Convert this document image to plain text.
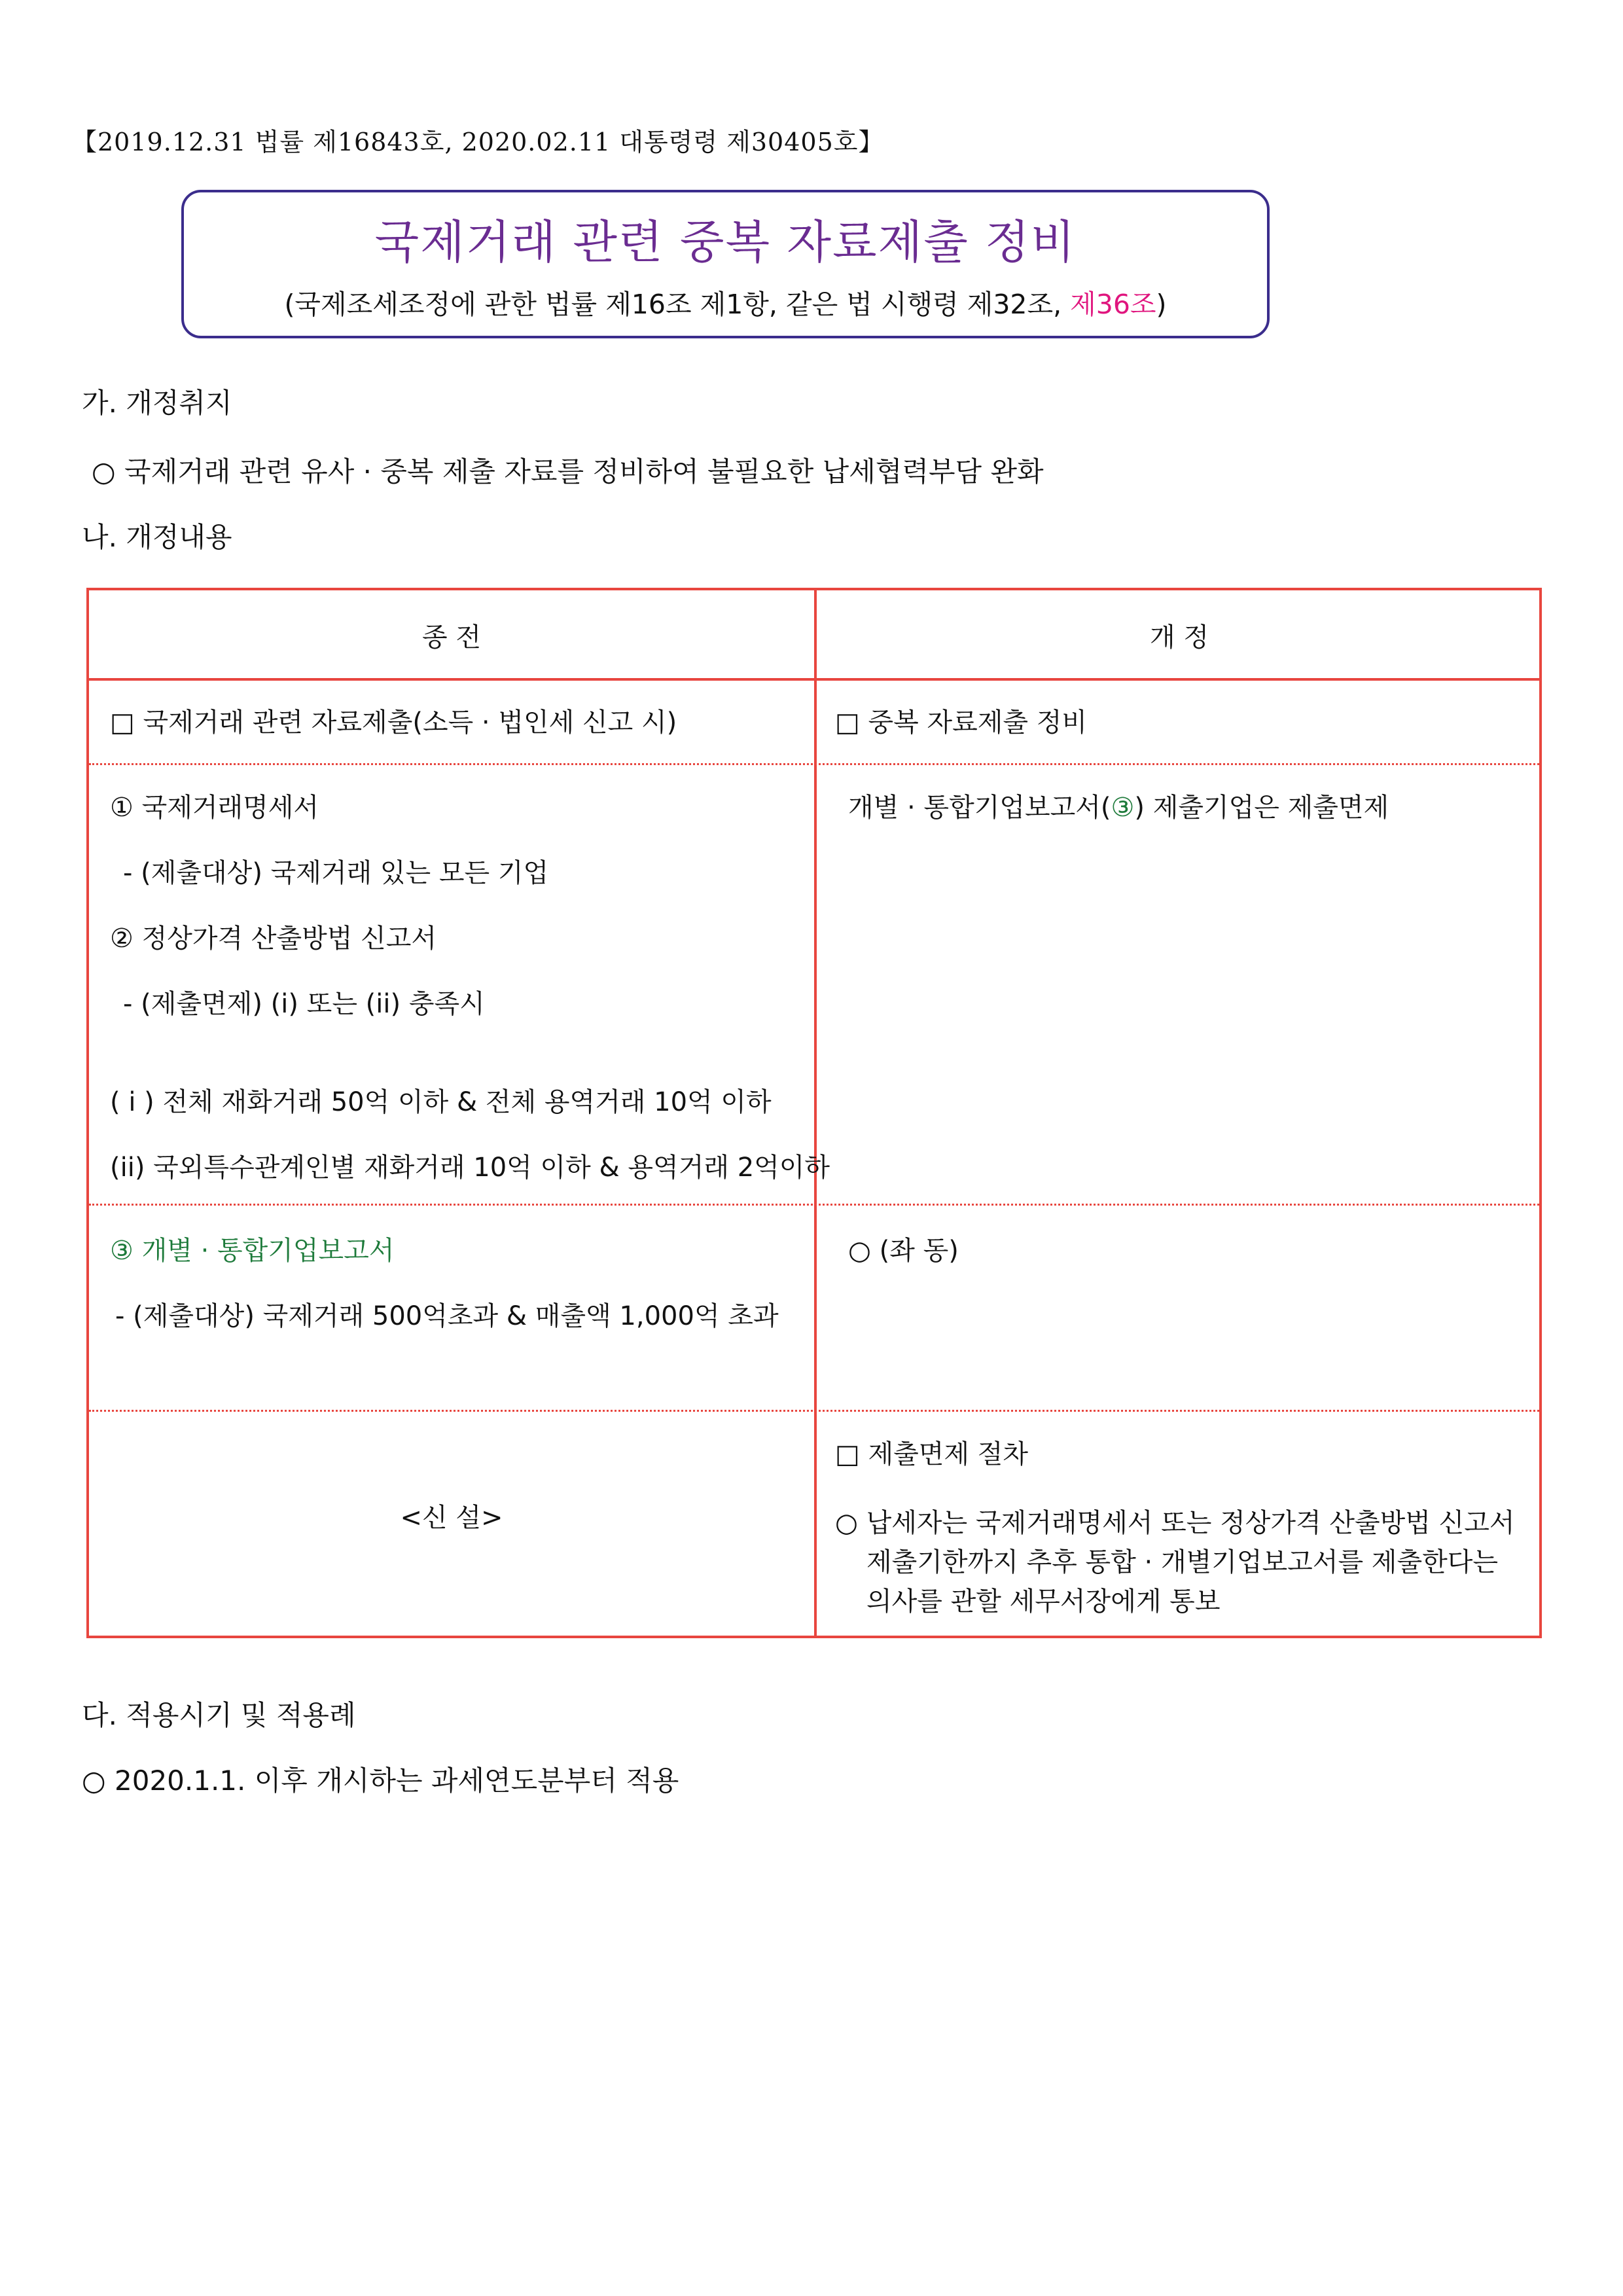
【2019.12.31 법률 제16843호, 2020.02.11 대통령령 제30405호】
국제거래 관련 중복 자료제출 정비
(국제조세조정에 관한 법률 제16조 제1항, 같은 법 시행령 제32조, 제36조)
가. 개정취지
○ 국제거래 관련 유사 · 중복 제출 자료를 정비하여 불필요한 납세협력부담 완화
나. 개정내용
종 전	개 정
□ 국제거래 관련 자료제출(소득 · 법인세 신고 시)	□ 중복 자료제출 정비
① 국제거래명세서
- (제출대상) 국제거래 있는 모든 기업
② 정상가격 산출방법 신고서
- (제출면제) (i) 또는 (ii) 충족시
( i ) 전체 재화거래 50억 이하 & 전체 용역거래 10억 이하
(ii) 국외특수관계인별 재화거래 10억 이하 & 용역거래 2억이하
개별 · 통합기업보고서(③) 제출기업은 제출면제
③ 개별 · 통합기업보고서
- (제출대상) 국제거래 500억초과 & 매출액 1,000억 초과
○ (좌 동)
<신 설>
□ 제출면제 절차
○ 납세자는 국제거래명세서 또는 정상가격 산출방법 신고서
제출기한까지 추후 통합 · 개별기업보고서를 제출한다는
의사를 관할 세무서장에게 통보
다. 적용시기 및 적용례
○ 2020.1.1. 이후 개시하는 과세연도분부터 적용
